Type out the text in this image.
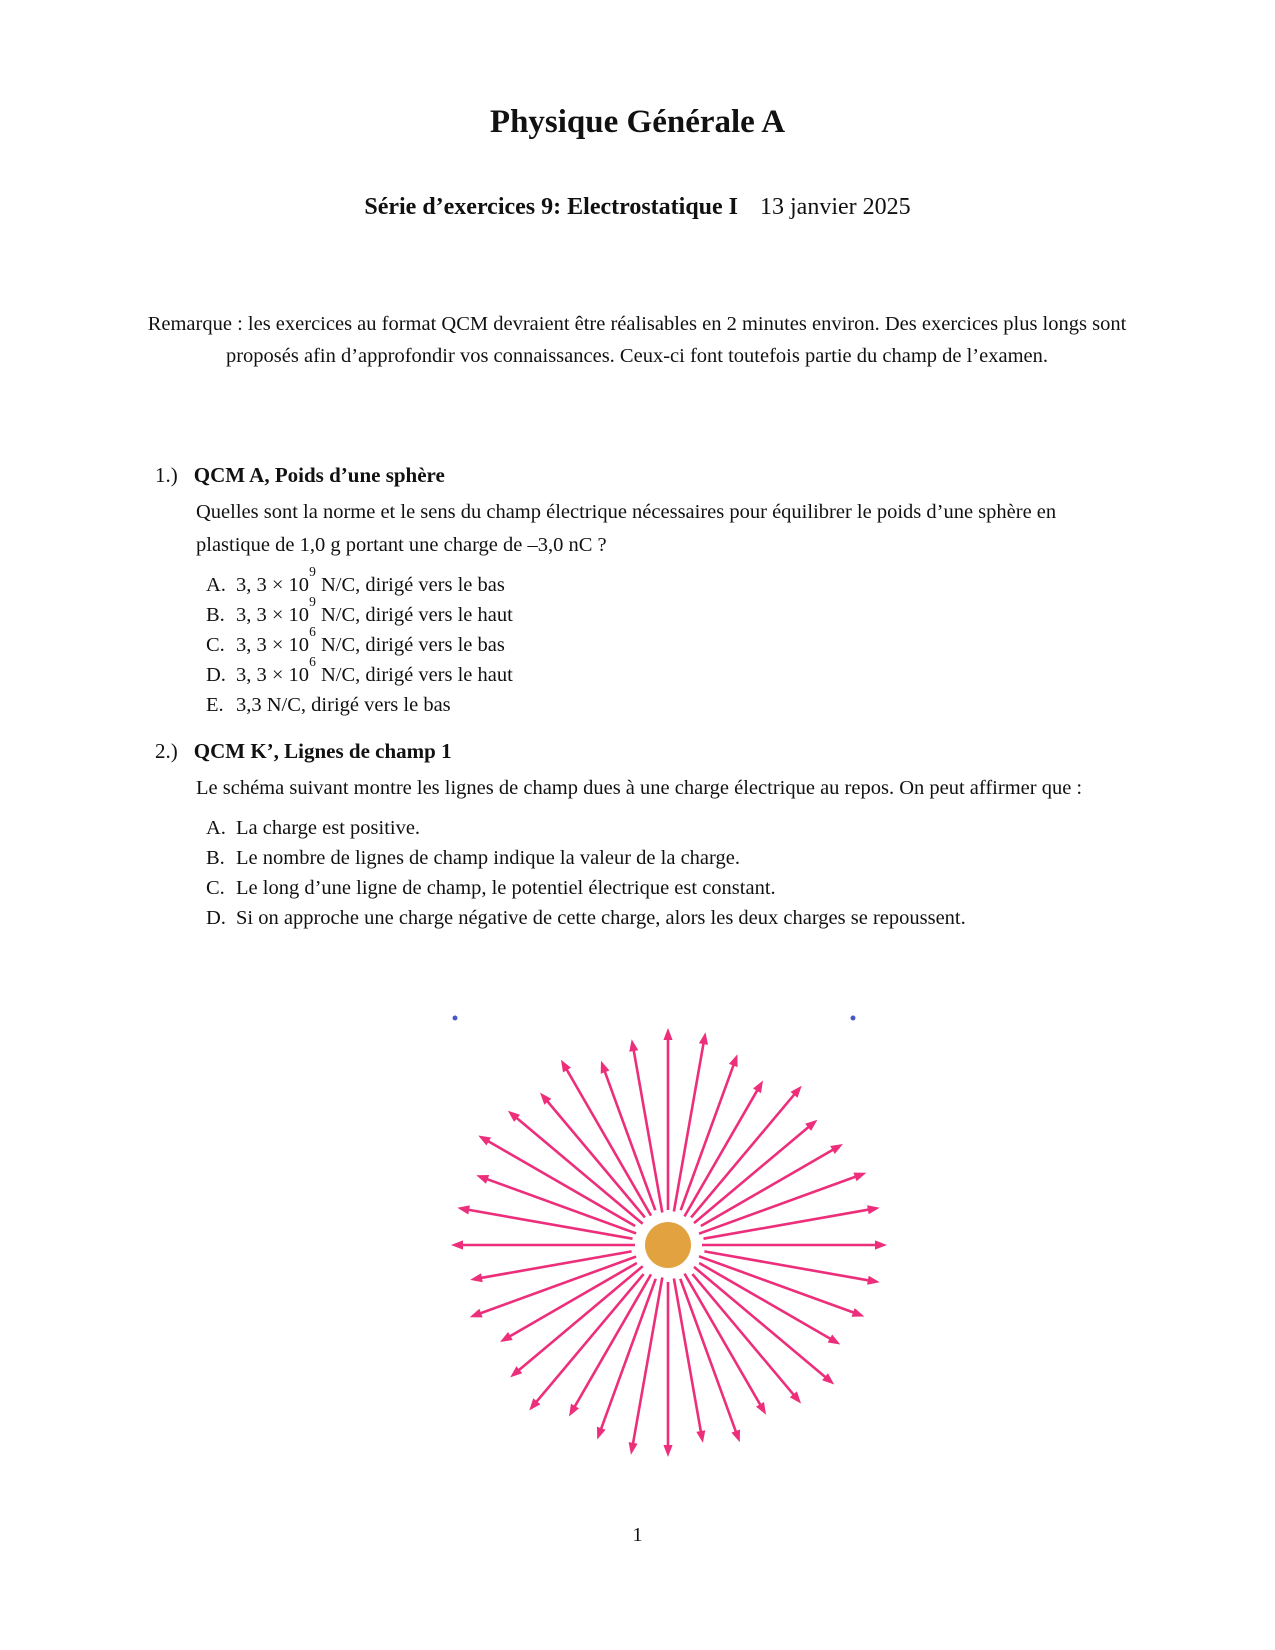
Physique Générale A
Série d’exercices 9: Electrostatique I 13 janvier 2025
Remarque : les exercices au format QCM devraient être réalisables en 2 minutes environ. Des exercices plus longs sont proposés afin d’approfondir vos connaissances. Ceux-ci font toutefois partie du champ de l’examen.
1.) QCM A, Poids d’une sphère
Quelles sont la norme et le sens du champ électrique nécessaires pour équilibrer le poids d’une sphère en plastique de 1,0 g portant une charge de –3,0 nC ?
A. 3, $3 \times 10^9$ N/C, dirigé vers le bas
B. 3, $3 \times 10^9$ N/C, dirigé vers le haut
C. 3, $3 \times 10^6$ N/C, dirigé vers le bas
D. 3, $3 \times 10^6$ N/C, dirigé vers le haut
E. 3,3 N/C, dirigé vers le bas
2.) QCM K’, Lignes de champ 1
Le schéma suivant montre les lignes de champ dues à une charge électrique au repos. On peut affirmer que :
A. La charge est positive.
B. Le nombre de lignes de champ indique la valeur de la charge.
C. Le long d’une ligne de champ, le potentiel électrique est constant.
D. Si on approche une charge négative de cette charge, alors les deux charges se repoussent.
1
